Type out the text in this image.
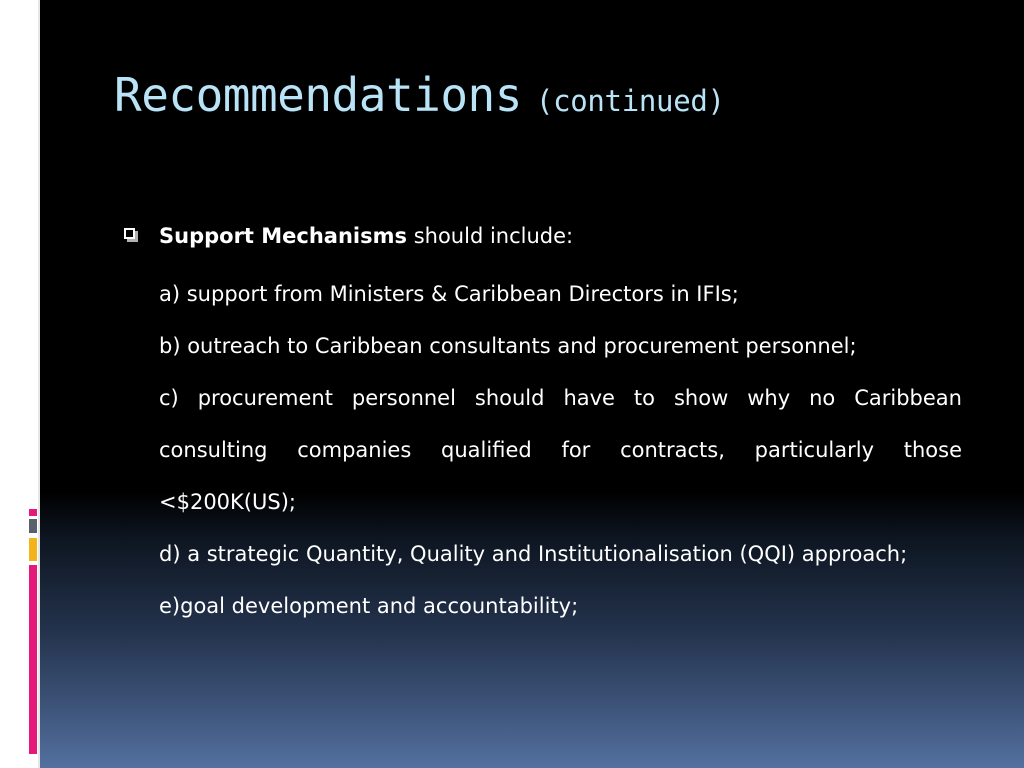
Recommendations (continued)
Support Mechanisms should include:
a) support from Ministers & Caribbean Directors in IFIs;
b) outreach to Caribbean consultants and procurement personnel;
c) procurement personnel should have to show why no Caribbean consulting companies qualified for contracts, particularly those <$200K(US);
d) a strategic Quantity, Quality and Institutionalisation (QQI) approach;
e)goal development and accountability;
